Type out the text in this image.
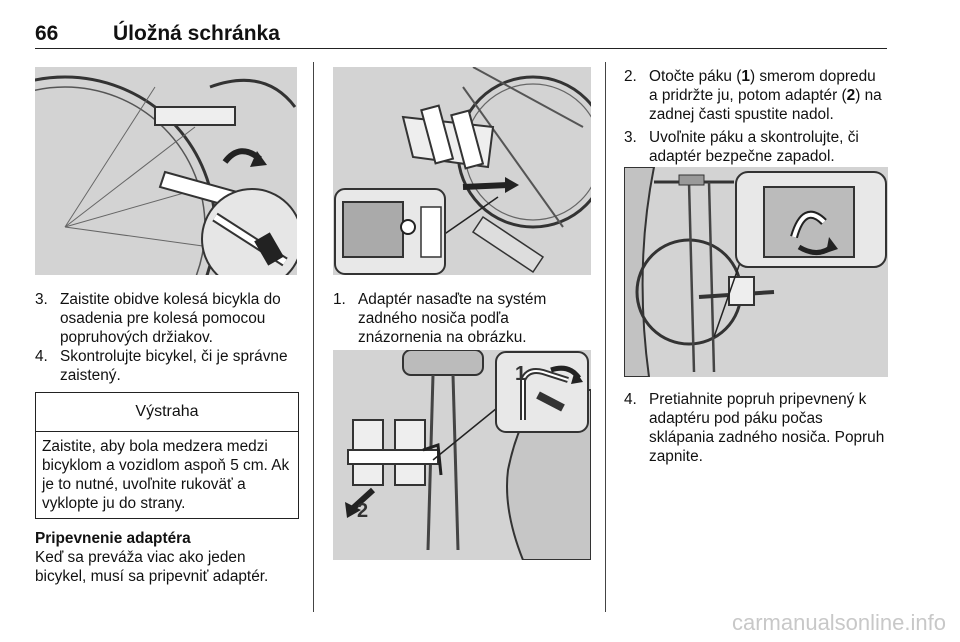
66	Úložná schránka
3. Zaistite obidve kolesá bicykla do osadenia pre kolesá pomocou popruhových držiakov.
4. Skontrolujte bicykel, či je správne zaistený.
Výstraha
Zaistite, aby bola medzera medzi bicyklom a vozidlom aspoň 5 cm. Ak je to nutné, uvoľnite rukoväť a vyklopte ju do strany.
Pripevnenie adaptéra
Keď sa preváža viac ako jeden bicykel, musí sa pripevniť adaptér.
1. Adaptér nasaďte na systém zadného nosiča podľa znázornenia na obrázku.
1
2
2. Otočte páku (1) smerom dopredu a pridržte ju, potom adaptér (2) na zadnej časti spustite nadol.
3. Uvoľnite páku a skontrolujte, či adaptér bezpečne zapadol.
4. Pretiahnite popruh pripevnený k adaptéru pod páku počas sklápania zadného nosiča. Popruh zapnite.
carmanualsonline.info
